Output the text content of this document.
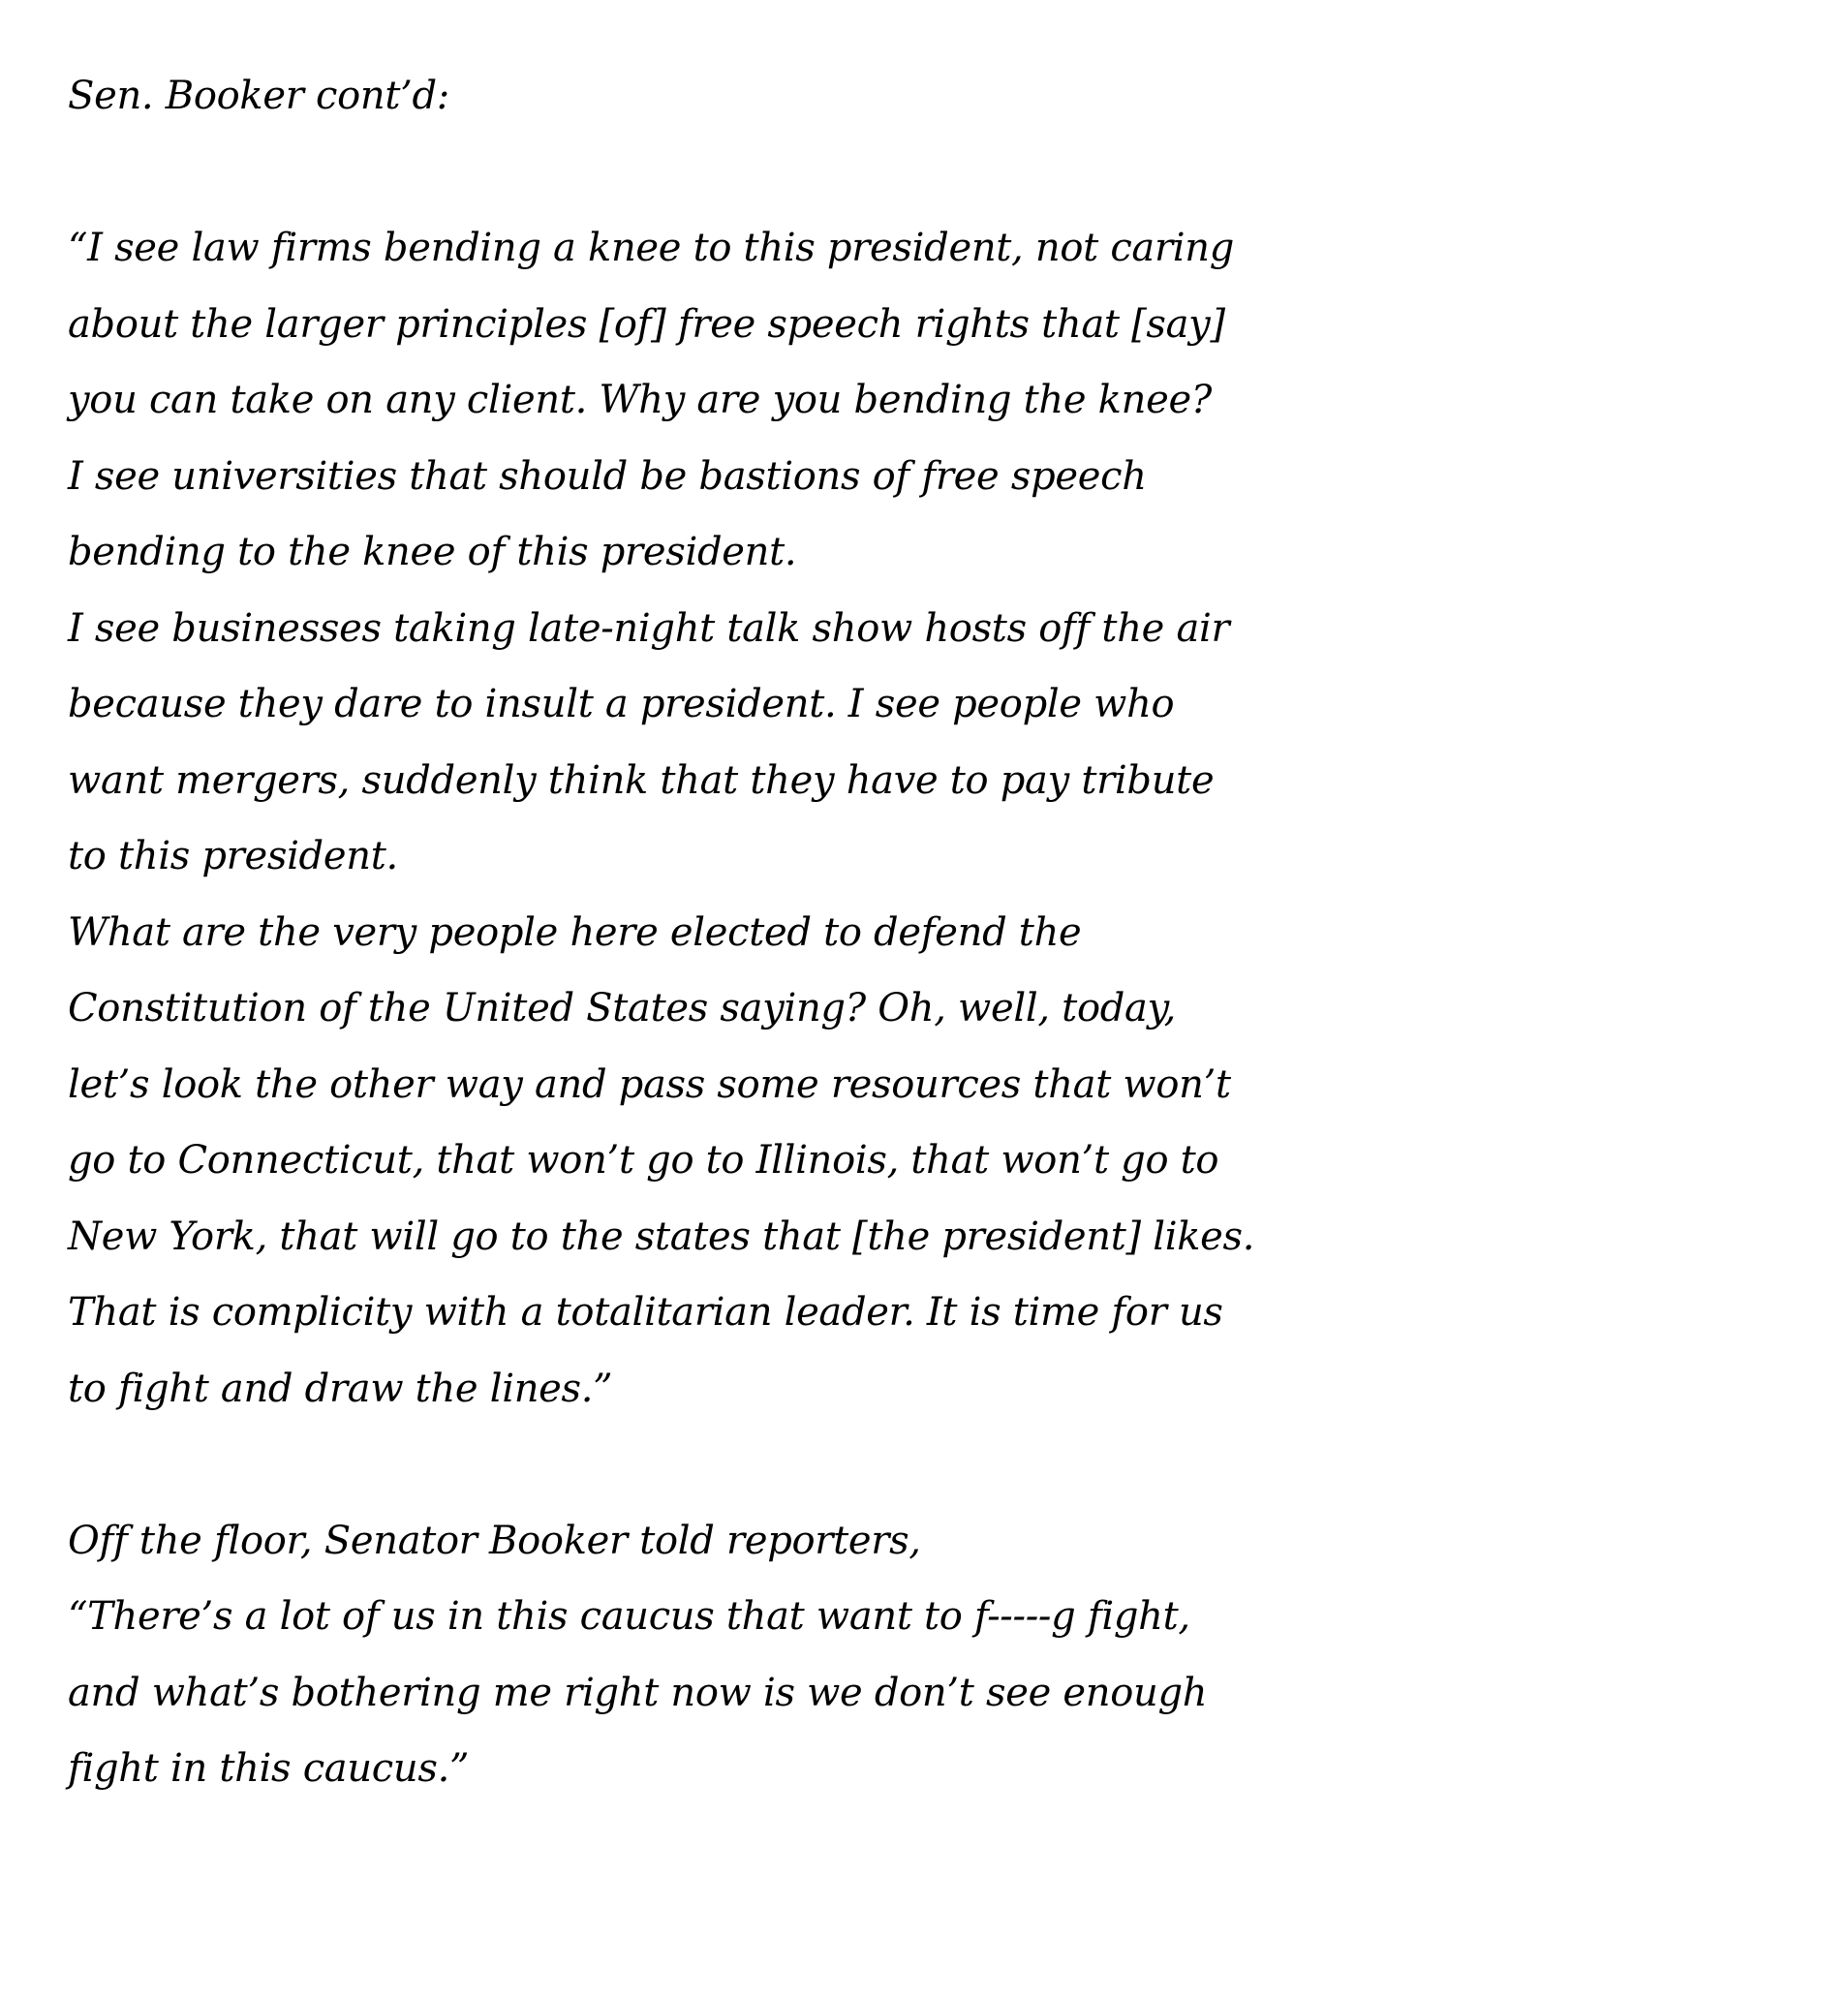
Sen. Booker cont’d:
“I see law firms bending a knee to this president, not caring
about the larger principles [of] free speech rights that [say]
you can take on any client. Why are you bending the knee?
I see universities that should be bastions of free speech
bending to the knee of this president.
I see businesses taking late-night talk show hosts off the air
because they dare to insult a president. I see people who
want mergers, suddenly think that they have to pay tribute
to this president.
What are the very people here elected to defend the
Constitution of the United States saying? Oh, well, today,
let’s look the other way and pass some resources that won’t
go to Connecticut, that won’t go to Illinois, that won’t go to
New York, that will go to the states that [the president] likes.
That is complicity with a totalitarian leader. It is time for us
to fight and draw the lines.”
Off the floor, Senator Booker told reporters,
“There’s a lot of us in this caucus that want to f-----g fight,
and what’s bothering me right now is we don’t see enough
fight in this caucus.”
